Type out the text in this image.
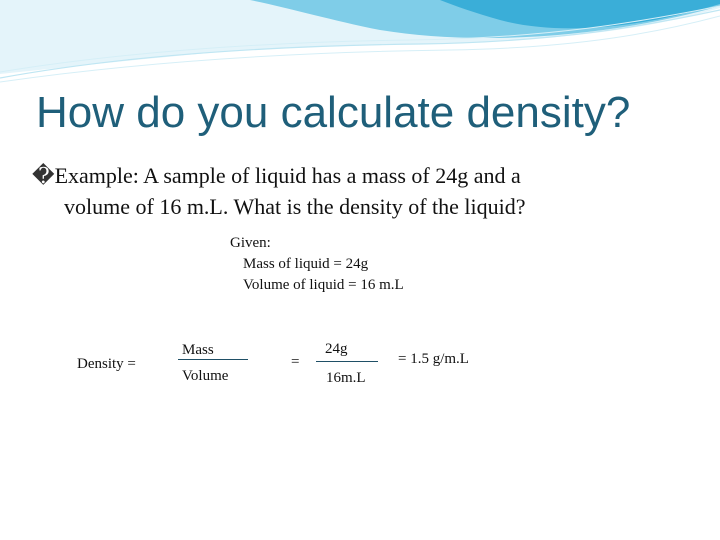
How do you calculate density?
�Example: A sample of liquid has a mass of 24g and a
volume of 16 m.L. What is the density of the liquid?
Given:
Mass of liquid = 24g
Volume of liquid = 16 m.L
Density =
Mass
Volume
=
24g
16m.L
= 1.5 g/m.L
